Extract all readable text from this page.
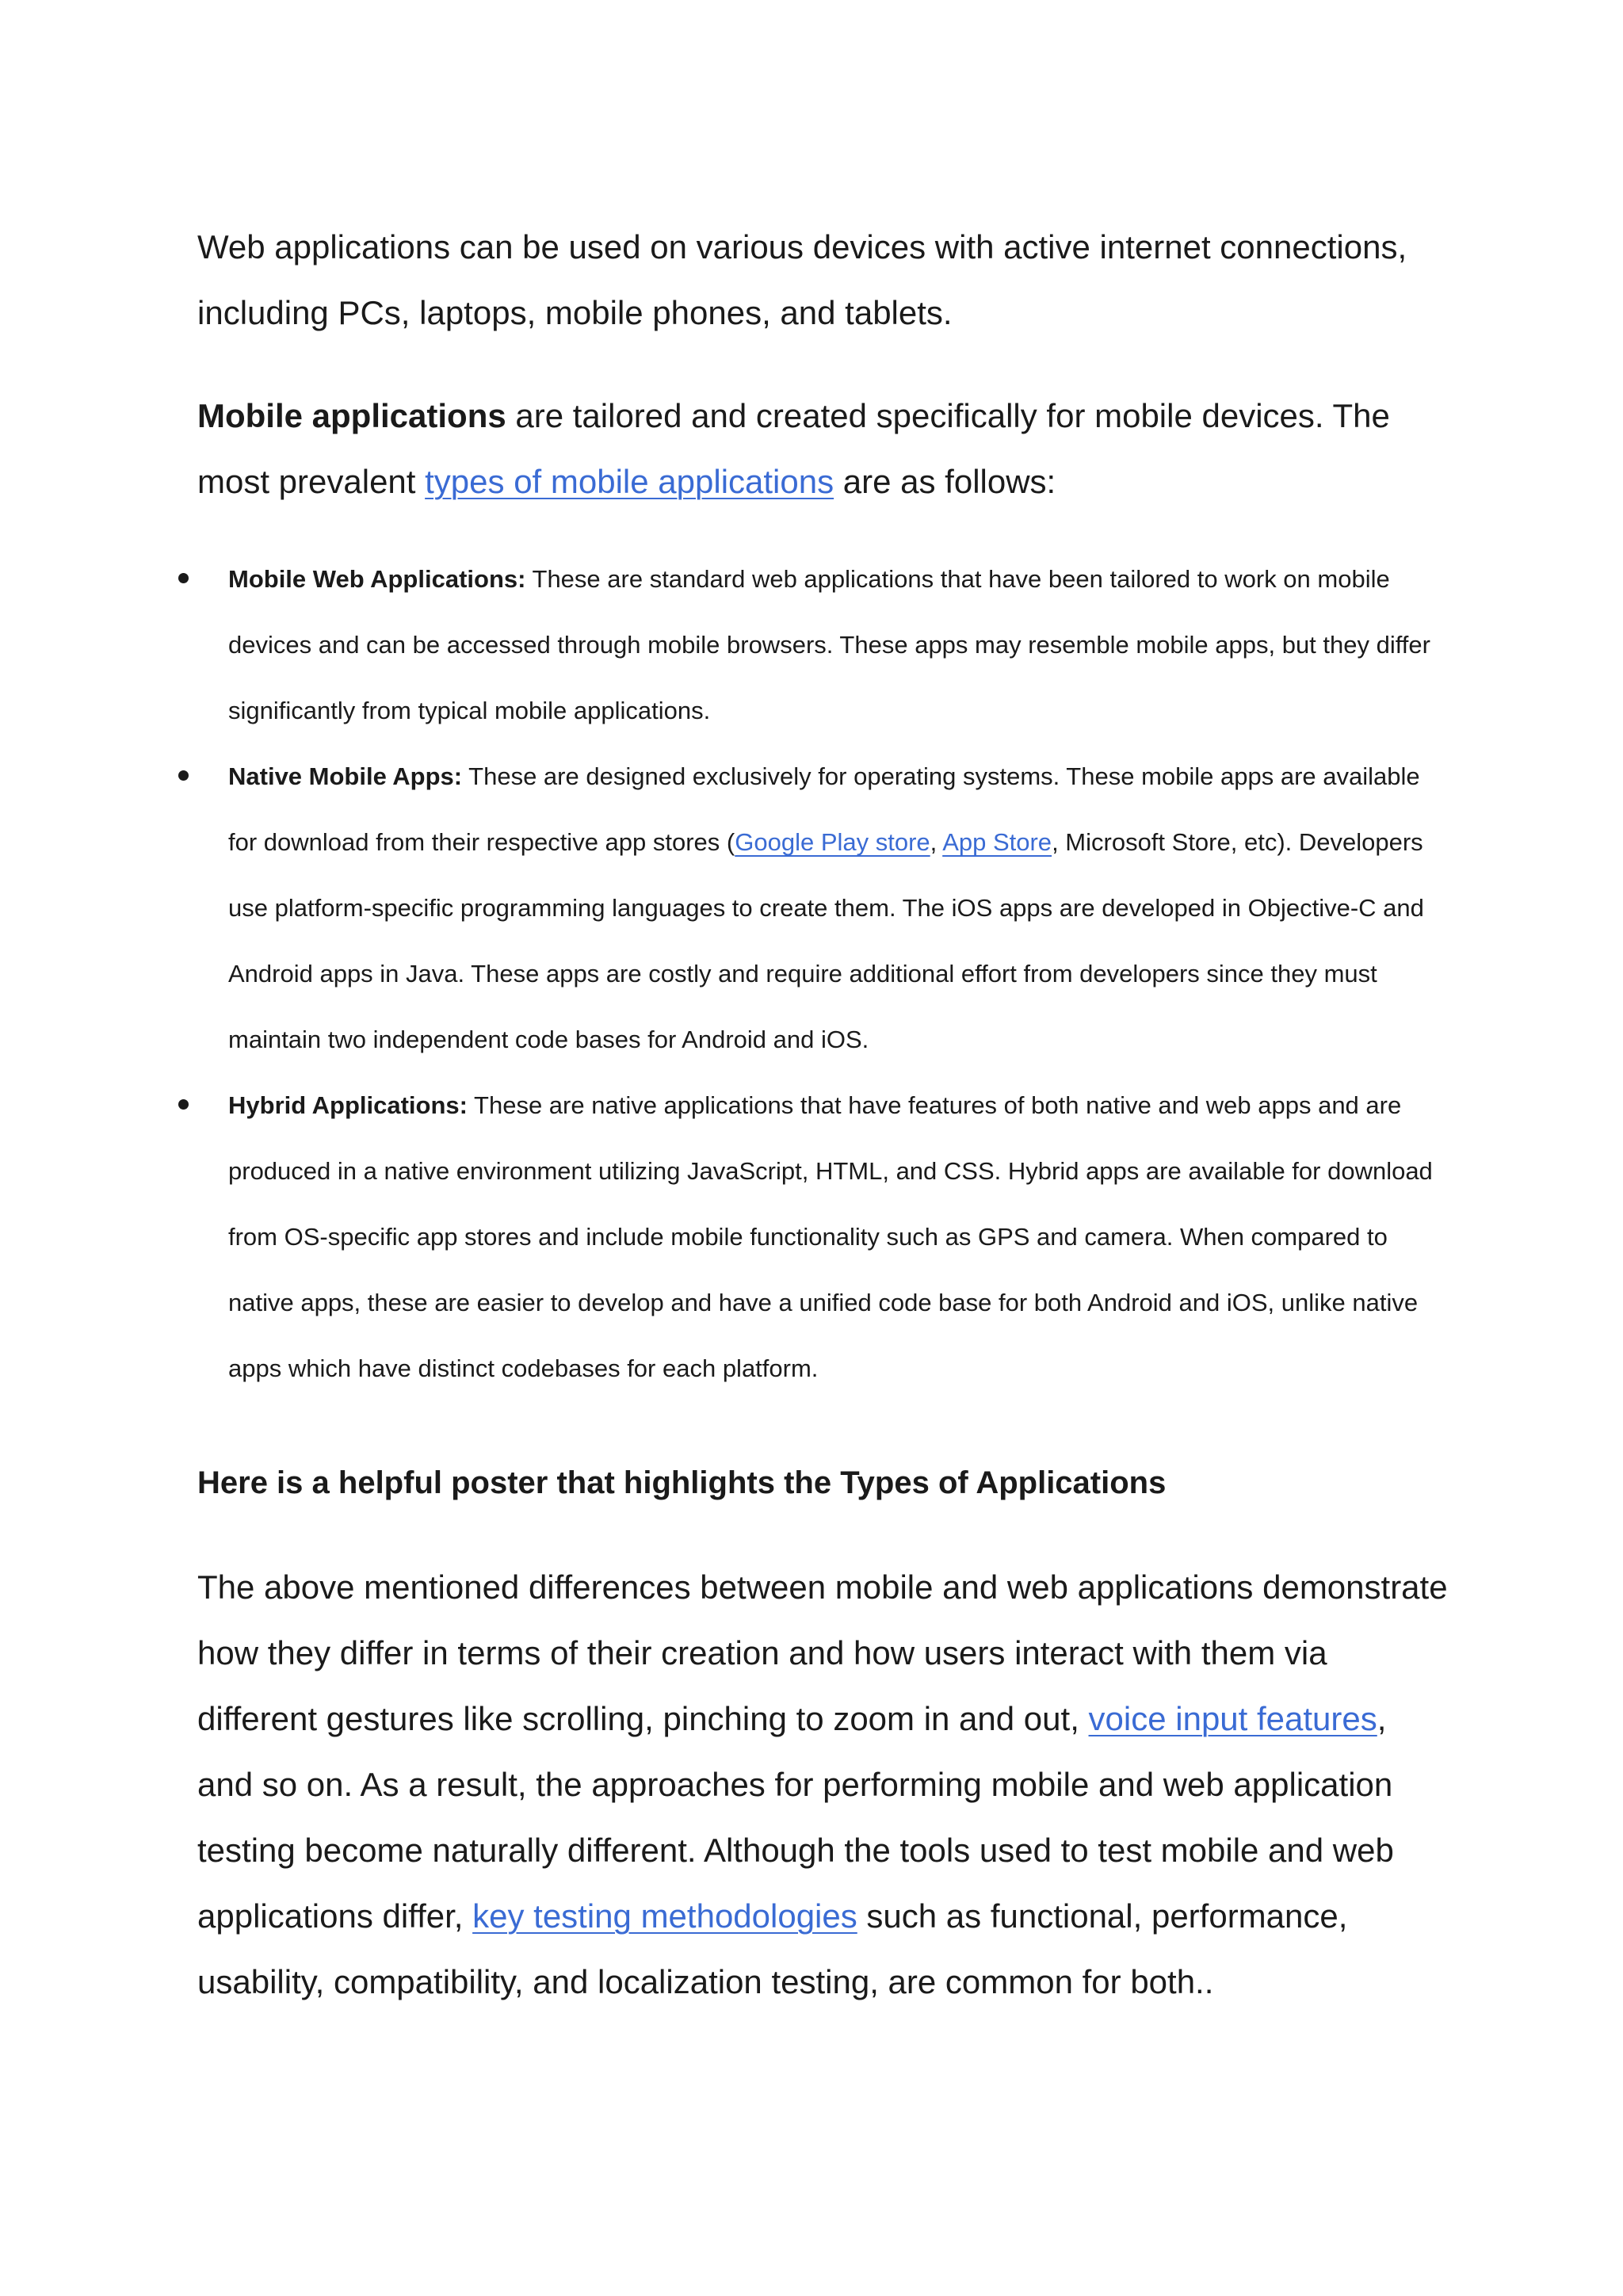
Web applications can be used on various devices with active internet connections, including PCs, laptops, mobile phones, and tablets.

Mobile applications are tailored and created specifically for mobile devices. The most prevalent types of mobile applications are as follows:

Mobile Web Applications: These are standard web applications that have been tailored to work on mobile devices and can be accessed through mobile browsers. These apps may resemble mobile apps, but they differ significantly from typical mobile applications.
Native Mobile Apps: These are designed exclusively for operating systems. These mobile apps are available for download from their respective app stores (Google Play store, App Store, Microsoft Store, etc). Developers use platform-specific programming languages to create them. The iOS apps are developed in Objective-C and Android apps in Java. These apps are costly and require additional effort from developers since they must maintain two independent code bases for Android and iOS.
Hybrid Applications: These are native applications that have features of both native and web apps and are produced in a native environment utilizing JavaScript, HTML, and CSS. Hybrid apps are available for download from OS-specific app stores and include mobile functionality such as GPS and camera. When compared to native apps, these are easier to develop and have a unified code base for both Android and iOS, unlike native apps which have distinct codebases for each platform.
Here is a helpful poster that highlights the Types of Applications

The above mentioned differences between mobile and web applications demonstrate how they differ in terms of their creation and how users interact with them via different gestures like scrolling, pinching to zoom in and out, voice input features, and so on. As a result, the approaches for performing mobile and web application testing become naturally different. Although the tools used to test mobile and web applications differ, key testing methodologies such as functional, performance, usability, compatibility, and localization testing, are common for both..
